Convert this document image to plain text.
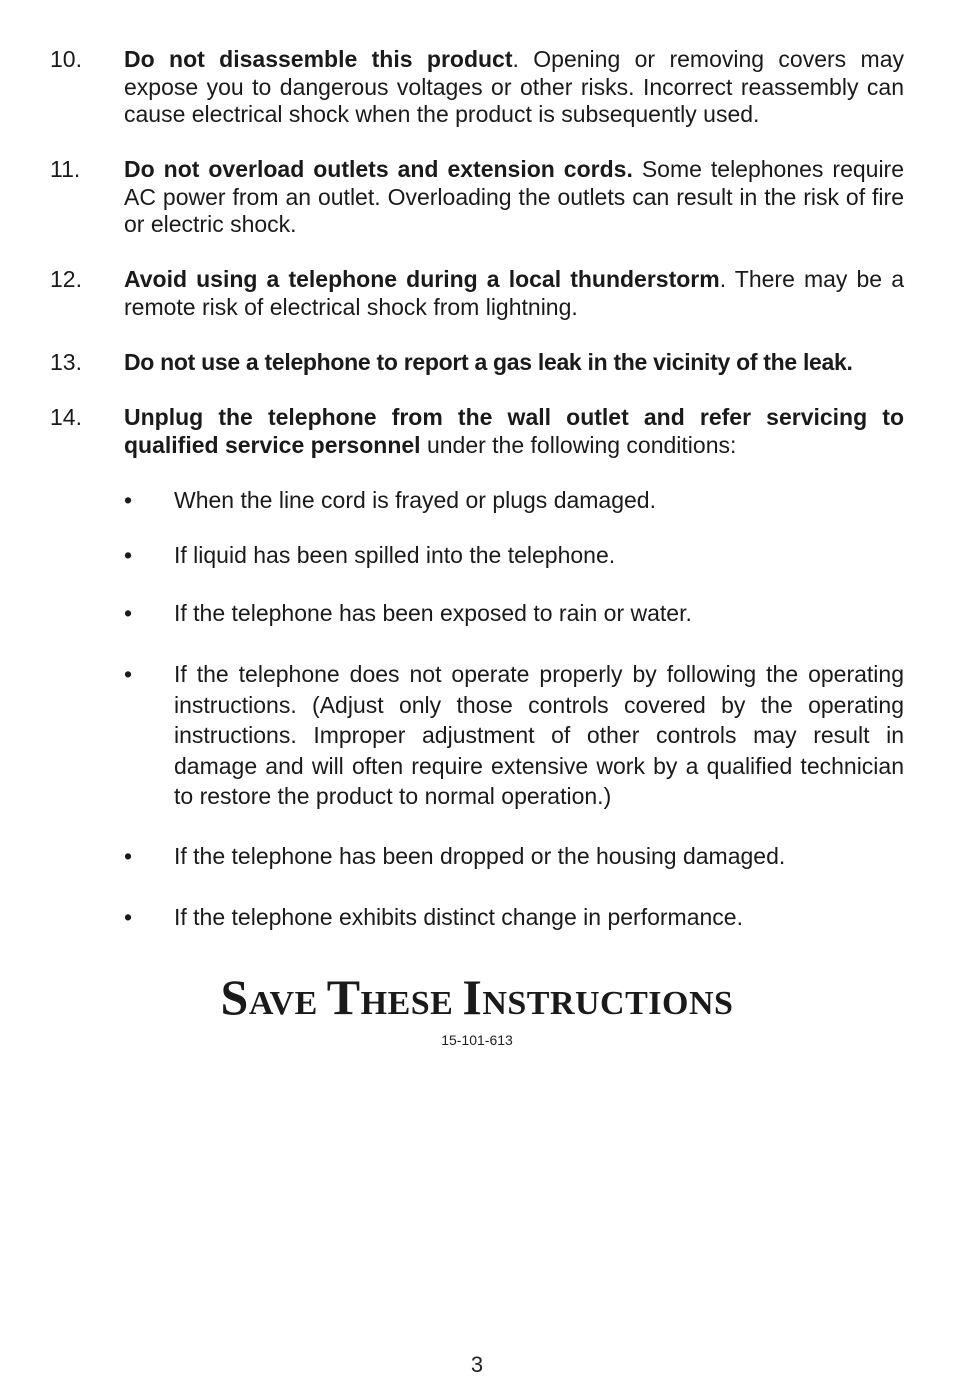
10.	Do not disassemble this product. Opening or removing covers may expose you to dangerous voltages or other risks. Incorrect reassembly can cause electrical shock when the product is subsequently used.
11.	Do not overload outlets and extension cords. Some telephones require AC power from an outlet. Overloading the outlets can result in the risk of fire or electric shock.
12.	Avoid using a telephone during a local thunderstorm. There may be a remote risk of electrical shock from lightning.
13.	Do not use a telephone to report a gas leak in the vicinity of the leak.
14.	Unplug the telephone from the wall outlet and refer servicing to qualified service personnel under the following conditions:
•	When the line cord is frayed or plugs damaged.
•	If liquid has been spilled into the telephone.
•	If the telephone has been exposed to rain or water.
•	If the telephone does not operate properly by following the operating instructions. (Adjust only those controls covered by the operating instructions. Improper adjustment of other controls may result in damage and will often require extensive work by a qualified technician to restore the product to normal operation.)
•	If the telephone has been dropped or the housing damaged.
•	If the telephone exhibits distinct change in performance.
SAVE THESE INSTRUCTIONS
15-101-613
3
